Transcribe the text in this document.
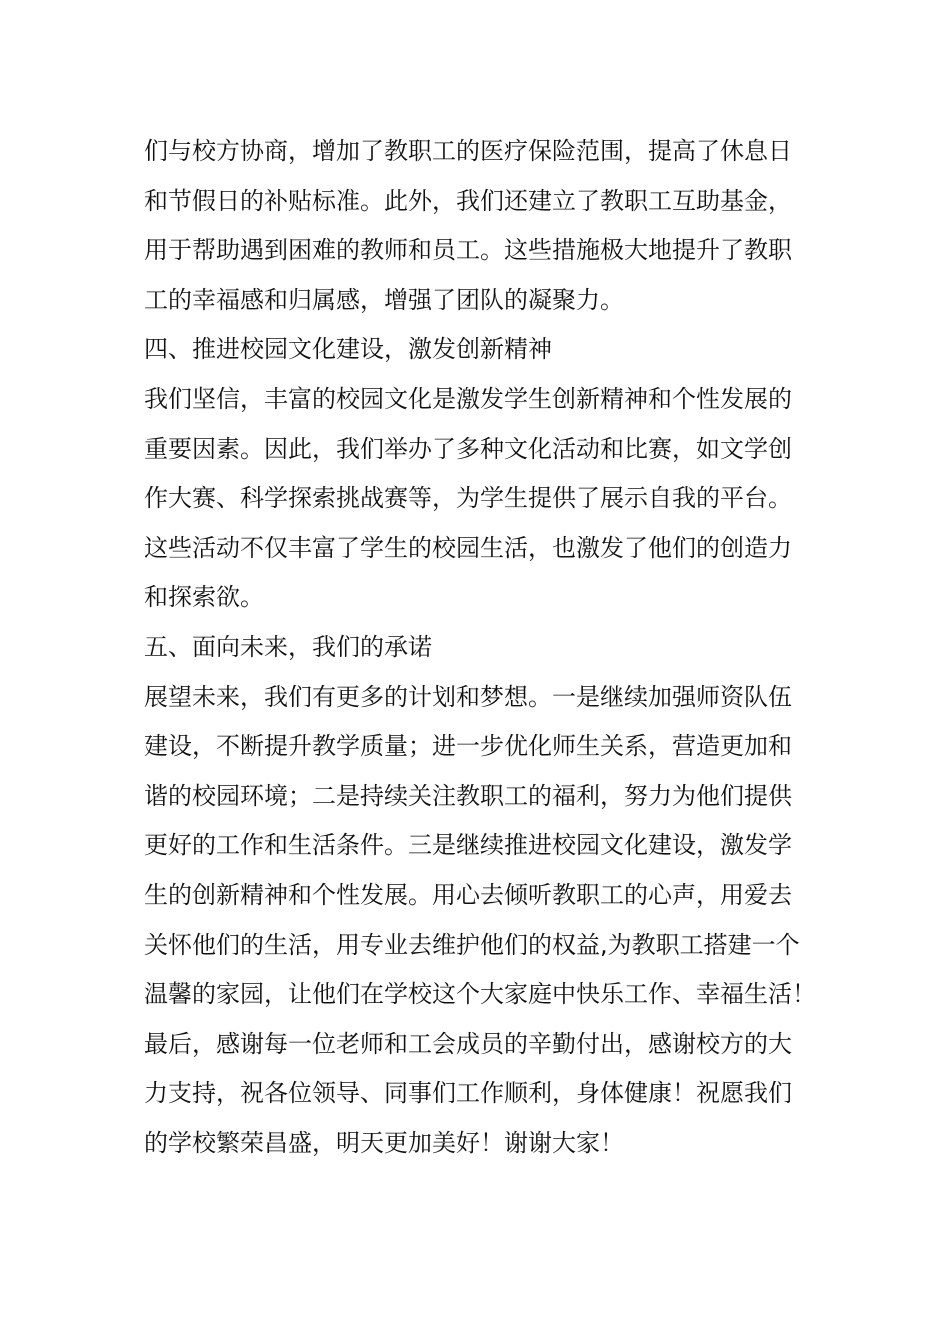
们与校方协商，增加了教职工的医疗保险范围，提高了休息日
和节假日的补贴标准。此外，我们还建立了教职工互助基金，
用于帮助遇到困难的教师和员工。这些措施极大地提升了教职
工的幸福感和归属感，增强了团队的凝聚力。
四、推进校园文化建设，激发创新精神
我们坚信，丰富的校园文化是激发学生创新精神和个性发展的
重要因素。因此，我们举办了多种文化活动和比赛，如文学创
作大赛、科学探索挑战赛等，为学生提供了展示自我的平台。
这些活动不仅丰富了学生的校园生活，也激发了他们的创造力
和探索欲。
五、面向未来，我们的承诺
展望未来，我们有更多的计划和梦想。一是继续加强师资队伍
建设，不断提升教学质量；进一步优化师生关系，营造更加和
谐的校园环境；二是持续关注教职工的福利，努力为他们提供
更好的工作和生活条件。三是继续推进校园文化建设，激发学
生的创新精神和个性发展。用心去倾听教职工的心声，用爱去
关怀他们的生活，用专业去维护他们的权益,为教职工搭建一个
温馨的家园，让他们在学校这个大家庭中快乐工作、幸福生活！
最后，感谢每一位老师和工会成员的辛勤付出，感谢校方的大
力支持，祝各位领导、同事们工作顺利，身体健康！祝愿我们
的学校繁荣昌盛，明天更加美好！谢谢大家！
